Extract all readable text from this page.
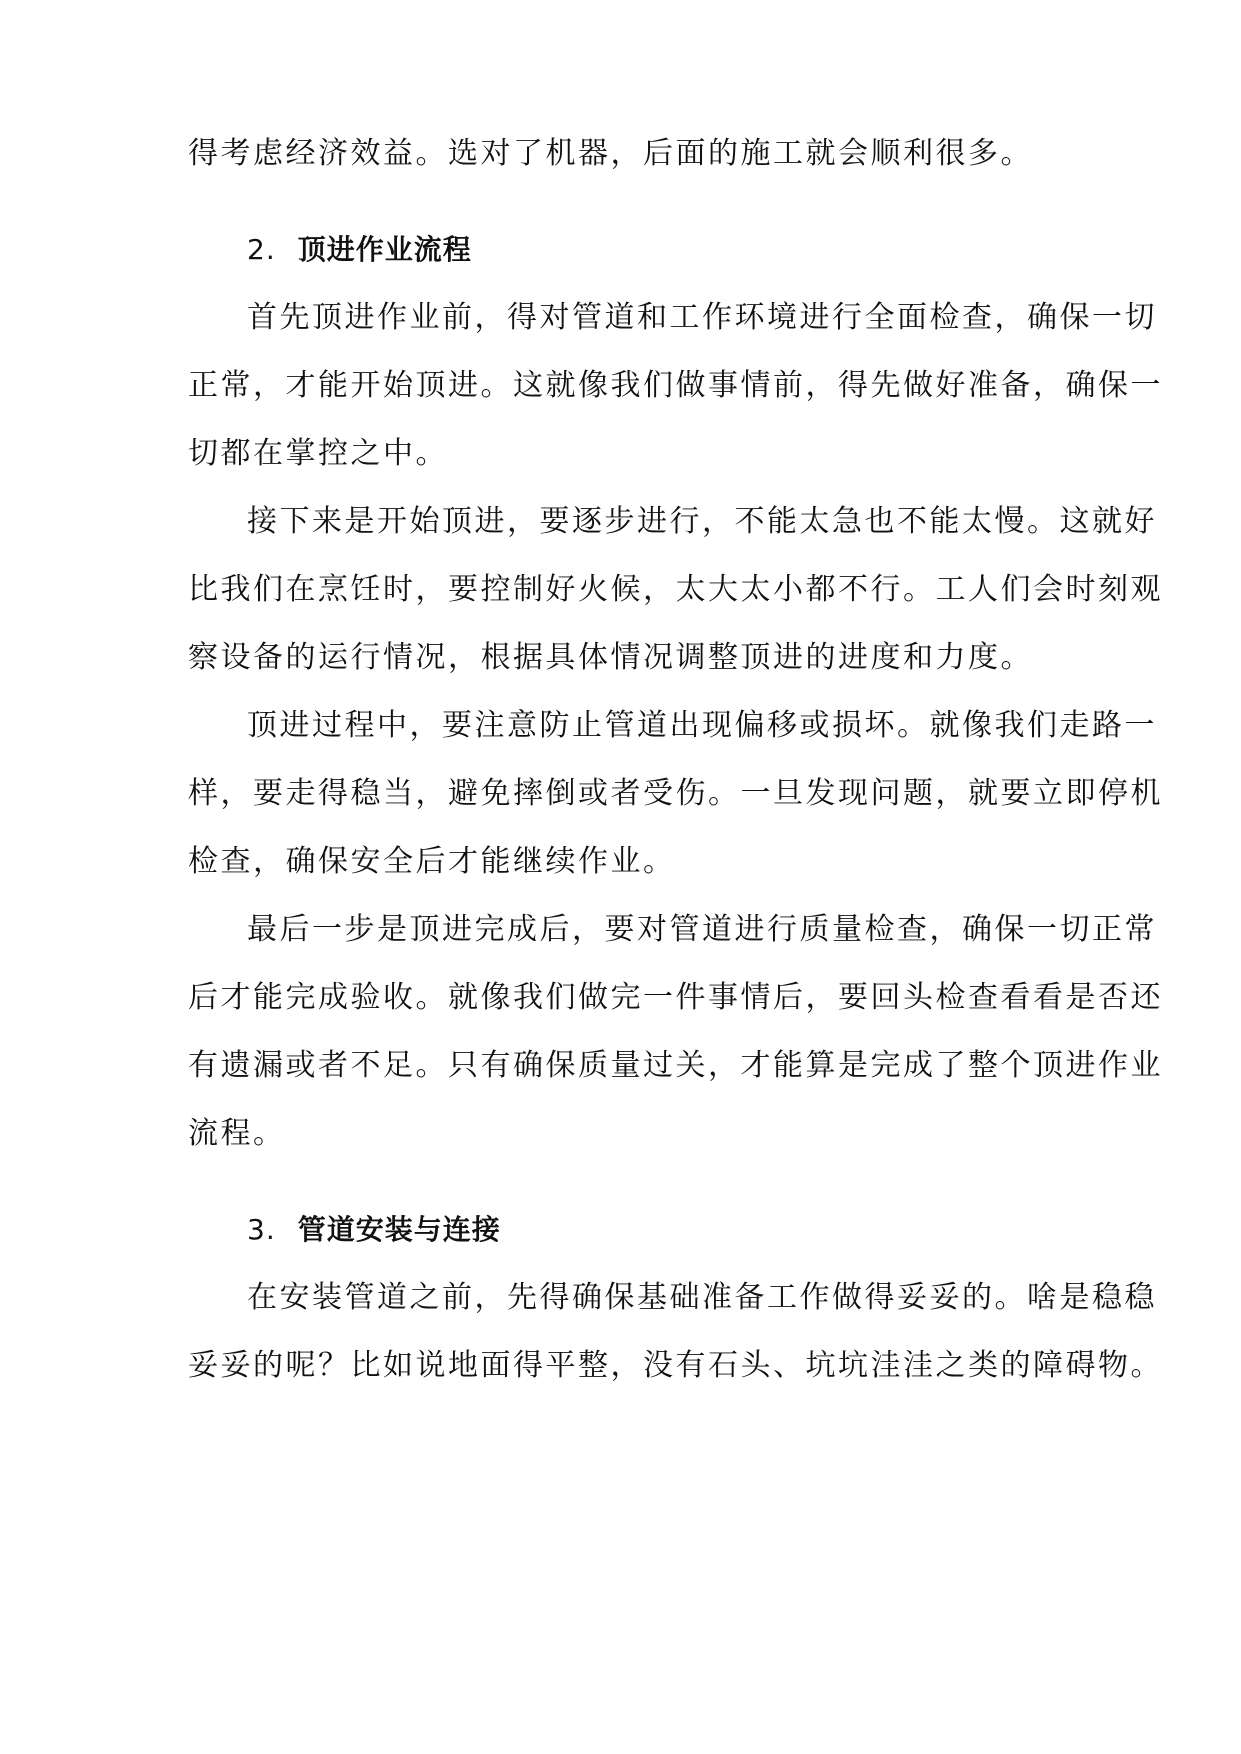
得考虑经济效益。选对了机器，后面的施工就会顺利很多。
2. 顶进作业流程
首先顶进作业前，得对管道和工作环境进行全面检查，确保一切
正常，才能开始顶进。这就像我们做事情前，得先做好准备，确保一
切都在掌控之中。
接下来是开始顶进，要逐步进行，不能太急也不能太慢。这就好
比我们在烹饪时，要控制好火候，太大太小都不行。工人们会时刻观
察设备的运行情况，根据具体情况调整顶进的进度和力度。
顶进过程中，要注意防止管道出现偏移或损坏。就像我们走路一
样，要走得稳当，避免摔倒或者受伤。一旦发现问题，就要立即停机
检查，确保安全后才能继续作业。
最后一步是顶进完成后，要对管道进行质量检查，确保一切正常
后才能完成验收。就像我们做完一件事情后，要回头检查看看是否还
有遗漏或者不足。只有确保质量过关，才能算是完成了整个顶进作业
流程。
3. 管道安装与连接
在安装管道之前，先得确保基础准备工作做得妥妥的。啥是稳稳
妥妥的呢？比如说地面得平整，没有石头、坑坑洼洼之类的障碍物。
